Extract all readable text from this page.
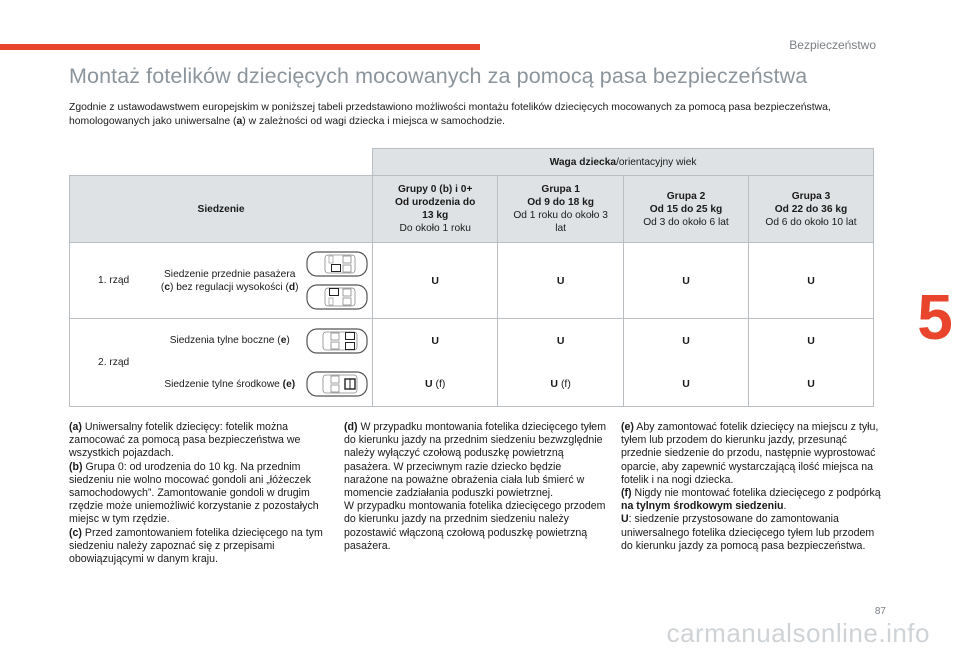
Bezpieczeństwo
5
Montaż fotelików dziecięcych mocowanych za pomocą pasa bezpieczeństwa

Zgodnie z ustawodawstwem europejskim w poniższej tabeli przedstawiono możliwości montażu fotelików dziecięcych mocowanych za pomocą pasa bezpieczeństwa, homologowanych jako uniwersalne (a) w zależności od wagi dziecka i miejsca w samochodzie.

			Waga dziecka/orientacyjny wiek			
Siedzenie			Grupy 0 (b) i 0+
Od urodzenia do
13 kg
Do około 1 roku	Grupa 1
Od 9 do 18 kg
Od 1 roku do około 3 lat	Grupa 2
Od 15 do 25 kg
Od 3 do około 6 lat	Grupa 3
Od 22 do 36 kg
Od 6 do około 10 lat
1. rząd	Siedzenie przednie pasażera (c) bez regulacji wysokości (d)		U	U	U	U
2. rząd	Siedzenia tylne boczne (e)		U	U	U	U
	Siedzenie tylne środkowe (e)		U (f)	U (f)	U	U

(a) Uniwersalny fotelik dziecięcy: fotelik można zamocować za pomocą pasa bezpieczeństwa we wszystkich pojazdach.
(b) Grupa 0: od urodzenia do 10 kg. Na przednim siedzeniu nie wolno mocować gondoli ani „łóżeczek samochodowych”. Zamontowanie gondoli w drugim rzędzie może uniemożliwić korzystanie z pozostałych miejsc w tym rzędzie.
(c) Przed zamontowaniem fotelika dziecięcego na tym siedzeniu należy zapoznać się z przepisami obowiązującymi w danym kraju.

(d) W przypadku montowania fotelika dziecięcego tyłem do kierunku jazdy na przednim siedzeniu bezwzględnie należy wyłączyć czołową poduszkę powietrzną pasażera. W przeciwnym razie dziecko będzie narażone na poważne obrażenia ciała lub śmierć w momencie zadziałania poduszki powietrznej.
W przypadku montowania fotelika dziecięcego przodem do kierunku jazdy na przednim siedzeniu należy pozostawić włączoną czołową poduszkę powietrzną pasażera.

(e) Aby zamontować fotelik dziecięcy na miejscu z tyłu, tyłem lub przodem do kierunku jazdy, przesunąć przednie siedzenie do przodu, następnie wyprostować oparcie, aby zapewnić wystarczającą ilość miejsca na fotelik i na nogi dziecka.
(f) Nigdy nie montować fotelika dziecięcego z podpórką na tylnym środkowym siedzeniu.
U: siedzenie przystosowane do zamontowania uniwersalnego fotelika dziecięcego tyłem lub przodem do kierunku jazdy za pomocą pasa bezpieczeństwa.

87
carmanualsonline.info
